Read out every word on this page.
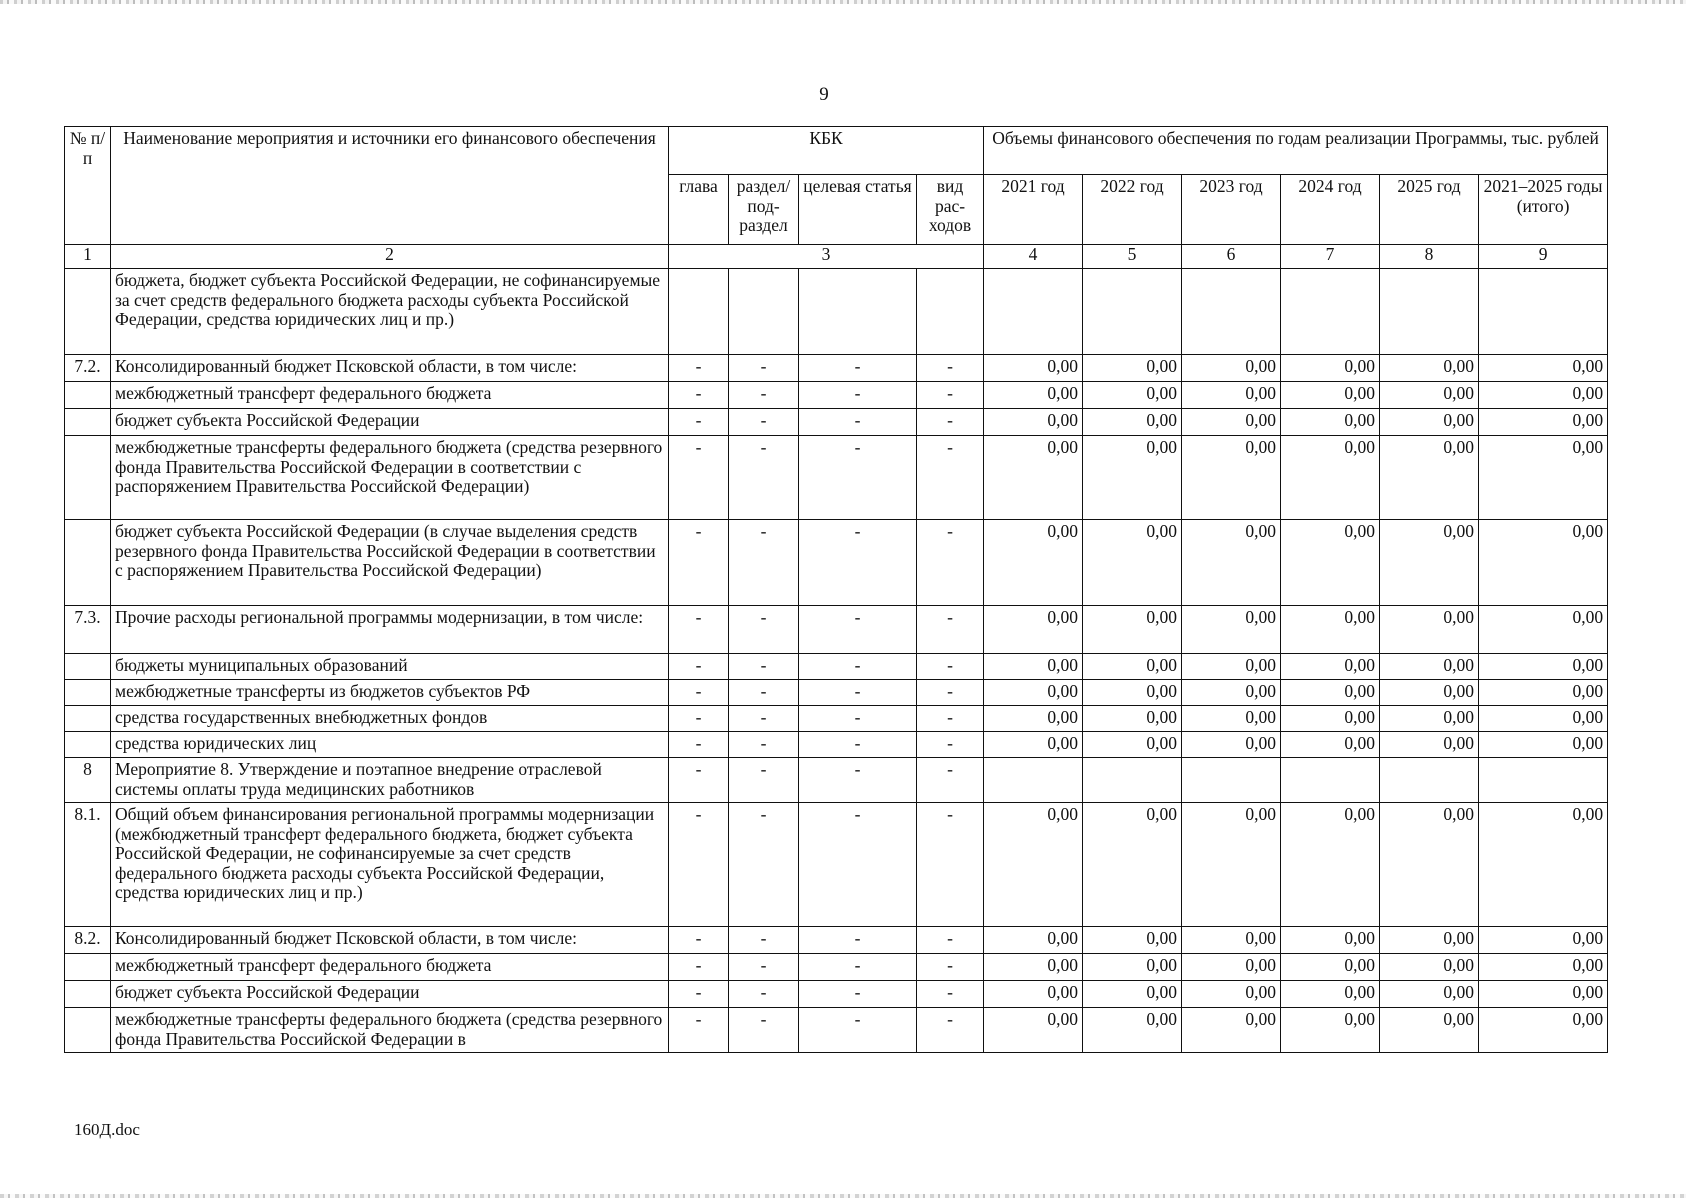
9
№ п/п	Наименование мероприятия и источники его финансового обеспечения	КБК				Объемы финансового обеспечения по годам реализации Программы, тыс. рублей					
		глава	раздел/ под- раздел	целевая статья	вид рас- ходов	2021 год	2022 год	2023 год	2024 год	2025 год	2021–2025 годы (итого)
1	2	3				4	5	6	7	8	9
	бюджета, бюджет субъекта Российской Федерации, не софинансируемые за счет средств федерального бюджета расходы субъекта Российской Федерации, средства юридических лиц и пр.)										
7.2.	Консолидированный бюджет Псковской области, в том числе:	-	-	-	-	0,00	0,00	0,00	0,00	0,00	0,00
	межбюджетный трансферт федерального бюджета	-	-	-	-	0,00	0,00	0,00	0,00	0,00	0,00
	бюджет субъекта Российской Федерации	-	-	-	-	0,00	0,00	0,00	0,00	0,00	0,00
	межбюджетные трансферты федерального бюджета (средства резервного фонда Правительства Российской Федерации в соответствии с распоряжением Правительства Российской Федерации)	-	-	-	-	0,00	0,00	0,00	0,00	0,00	0,00
	бюджет субъекта Российской Федерации (в случае выделения средств резервного фонда Правительства Российской Федерации в соответствии с распоряжением Правительства Российской Федерации)	-	-	-	-	0,00	0,00	0,00	0,00	0,00	0,00
7.3.	Прочие расходы региональной программы модернизации, в том числе:	-	-	-	-	0,00	0,00	0,00	0,00	0,00	0,00
	бюджеты муниципальных образований	-	-	-	-	0,00	0,00	0,00	0,00	0,00	0,00
	межбюджетные трансферты из бюджетов субъектов РФ	-	-	-	-	0,00	0,00	0,00	0,00	0,00	0,00
	средства государственных внебюджетных фондов	-	-	-	-	0,00	0,00	0,00	0,00	0,00	0,00
	средства юридических лиц	-	-	-	-	0,00	0,00	0,00	0,00	0,00	0,00
8	Мероприятие 8. Утверждение и поэтапное внедрение отраслевой системы оплаты труда медицинских работников	-	-	-	-						
8.1.	Общий объем финансирования региональной программы модернизации (межбюджетный трансферт федерального бюджета, бюджет субъекта Российской Федерации, не софинансируемые за счет средств федерального бюджета расходы субъекта Российской Федерации, средства юридических лиц и пр.)	-	-	-	-	0,00	0,00	0,00	0,00	0,00	0,00
8.2.	Консолидированный бюджет Псковской области, в том числе:	-	-	-	-	0,00	0,00	0,00	0,00	0,00	0,00
	межбюджетный трансферт федерального бюджета	-	-	-	-	0,00	0,00	0,00	0,00	0,00	0,00
	бюджет субъекта Российской Федерации	-	-	-	-	0,00	0,00	0,00	0,00	0,00	0,00
	межбюджетные трансферты федерального бюджета (средства резервного фонда Правительства Российской Федерации в	-	-	-	-	0,00	0,00	0,00	0,00	0,00	0,00
160Д.doc
